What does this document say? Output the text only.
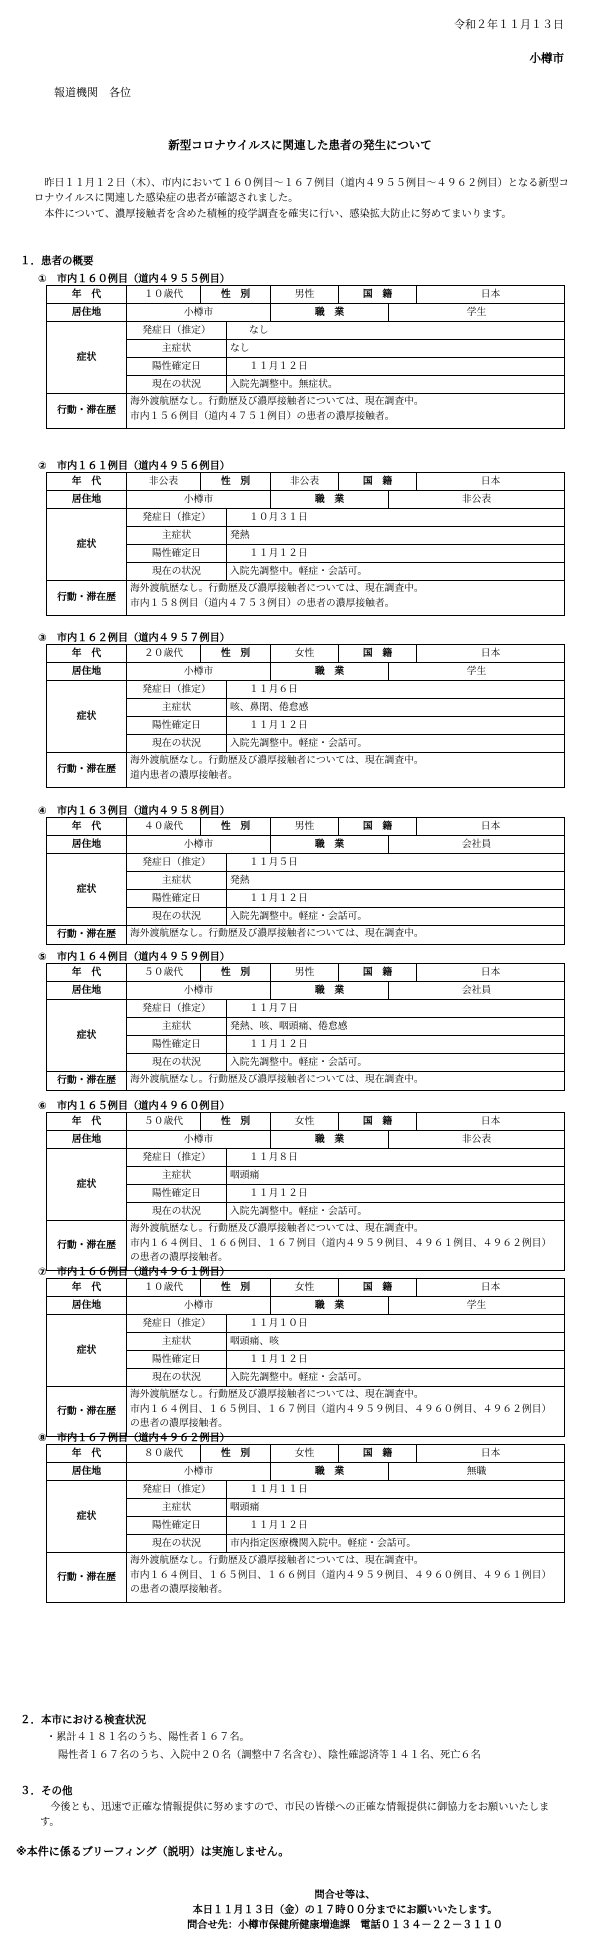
令和２年１１月１３日
小樽市
報道機関　各位
新型コロナウイルスに関連した患者の発生について
昨日１１月１２日（木）、市内において１６０例目～１６７例目（道内４９５５例目～４９６２例目）となる新型コロナウイルスに関連した感染症の患者が確認されました。
本件について、濃厚接触者を含めた積極的疫学調査を確実に行い、感染拡大防止に努めてまいります。
１．患者の概要
①　市内１６０例目（道内４９５５例目）
年　代	１０歳代	性　別		男性	国　籍		日本
居住地	小樽市			職　業		学生	
症状	発症日（推定）		なし				
	主症状		なし				
	陽性確定日		１１月１２日				
	現在の状況		入院先調整中。無症状。				
行動・滞在歴	海外渡航歴なし。行動歴及び濃厚接触者については、現在調査中。
市内１５６例目（道内４７５１例目）の患者の濃厚接触者。						
②　市内１６１例目（道内４９５６例目）
年　代	非公表	性　別		非公表	国　籍		日本
居住地	小樽市			職　業		非公表	
症状	発症日（推定）		１０月３１日				
	主症状		発熱				
	陽性確定日		１１月１２日				
	現在の状況		入院先調整中。軽症・会話可。				
行動・滞在歴	海外渡航歴なし。行動歴及び濃厚接触者については、現在調査中。
市内１５８例目（道内４７５３例目）の患者の濃厚接触者。						
③　市内１６２例目（道内４９５７例目）
年　代	２０歳代	性　別		女性	国　籍		日本
居住地	小樽市			職　業		学生	
症状	発症日（推定）		１１月６日				
	主症状		咳、鼻閉、倦怠感				
	陽性確定日		１１月１２日				
	現在の状況		入院先調整中。軽症・会話可。				
行動・滞在歴	海外渡航歴なし。行動歴及び濃厚接触者については、現在調査中。
道内患者の濃厚接触者。						
④　市内１６３例目（道内４９５８例目）
年　代	４０歳代	性　別		男性	国　籍		日本
居住地	小樽市			職　業		会社員	
症状	発症日（推定）		１１月５日				
	主症状		発熱				
	陽性確定日		１１月１２日				
	現在の状況		入院先調整中。軽症・会話可。				
行動・滞在歴	海外渡航歴なし。行動歴及び濃厚接触者については、現在調査中。						
⑤　市内１６４例目（道内４９５９例目）
年　代	５０歳代	性　別		男性	国　籍		日本
居住地	小樽市			職　業		会社員	
症状	発症日（推定）		１１月７日				
	主症状		発熱、咳、咽頭痛、倦怠感				
	陽性確定日		１１月１２日				
	現在の状況		入院先調整中。軽症・会話可。				
行動・滞在歴	海外渡航歴なし。行動歴及び濃厚接触者については、現在調査中。						
⑥　市内１６５例目（道内４９６０例目）
年　代	５０歳代	性　別		女性	国　籍		日本
居住地	小樽市			職　業		非公表	
症状	発症日（推定）		１１月８日				
	主症状		咽頭痛				
	陽性確定日		１１月１２日				
	現在の状況		入院先調整中。軽症・会話可。				
行動・滞在歴	海外渡航歴なし。行動歴及び濃厚接触者については、現在調査中。
市内１６４例目、１６６例目、１６７例目（道内４９５９例目、４９６１例目、４９６２例目）の患者の濃厚接触者。						
⑦　市内１６６例目（道内４９６１例目）
年　代	１０歳代	性　別		女性	国　籍		日本
居住地	小樽市			職　業		学生	
症状	発症日（推定）		１１月１０日				
	主症状		咽頭痛、咳				
	陽性確定日		１１月１２日				
	現在の状況		入院先調整中。軽症・会話可。				
行動・滞在歴	海外渡航歴なし。行動歴及び濃厚接触者については、現在調査中。
市内１６４例目、１６５例目、１６７例目（道内４９５９例目、４９６０例目、４９６２例目）の患者の濃厚接触者。						
⑧　市内１６７例目（道内４９６２例目）
年　代	８０歳代	性　別		女性	国　籍		日本
居住地	小樽市			職　業		無職	
症状	発症日（推定）		１１月１１日				
	主症状		咽頭痛				
	陽性確定日		１１月１２日				
	現在の状況		市内指定医療機関入院中。軽症・会話可。				
行動・滞在歴	海外渡航歴なし。行動歴及び濃厚接触者については、現在調査中。
市内１６４例目、１６５例目、１６６例目（道内４９５９例目、４９６０例目、４９６１例目）の患者の濃厚接触者。						
２．本市における検査状況
・累計４１８１名のうち、陽性者１６７名。
陽性者１６７名のうち、入院中２０名（調整中７名含む）、陰性確認済等１４１名、死亡６名
３．その他
今後とも、迅速で正確な情報提供に努めますので、市民の皆様への正確な情報提供に御協力をお願いいたします。
※本件に係るブリーフィング（説明）は実施しません。
問合せ等は、
本日１１月１３日（金）の１７時００分までにお願いいたします。
問合せ先：小樽市保健所健康増進課　電話０１３４－２２－３１１０
